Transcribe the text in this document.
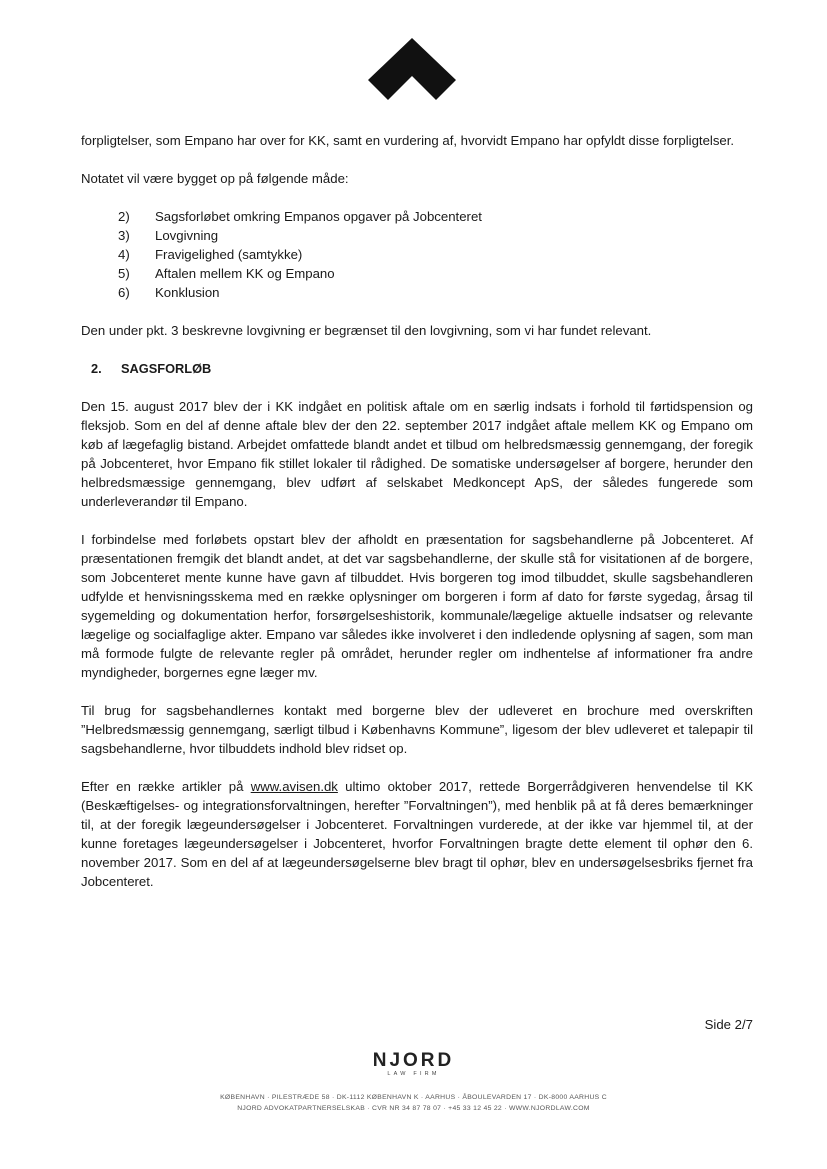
forpligtelser, som Empano har over for KK, samt en vurdering af, hvorvidt Empano har opfyldt disse forpligtelser.

Notatet vil være bygget op på følgende måde:

2)	Sagsforløbet omkring Empanos opgaver på Jobcenteret
3)	Lovgivning
4)	Fravigelighed (samtykke)
5)	Aftalen mellem KK og Empano
6)	Konklusion

Den under pkt. 3 beskrevne lovgivning er begrænset til den lovgivning, som vi har fundet relevant.

2.	SAGSFORLØB

Den 15. august 2017 blev der i KK indgået en politisk aftale om en særlig indsats i forhold til førtidspension og fleksjob. Som en del af denne aftale blev der den 22. september 2017 indgået aftale mellem KK og Empano om køb af lægefaglig bistand. Arbejdet omfattede blandt andet et tilbud om helbredsmæssig gennemgang, der foregik på Jobcenteret, hvor Empano fik stillet lokaler til rådighed. De somatiske undersøgelser af borgere, herunder den helbredsmæssige gennemgang, blev udført af selskabet Medkoncept ApS, der således fungerede som underleverandør til Empano.

I forbindelse med forløbets opstart blev der afholdt en præsentation for sagsbehandlerne på Jobcenteret. Af præsentationen fremgik det blandt andet, at det var sagsbehandlerne, der skulle stå for visitationen af de borgere, som Jobcenteret mente kunne have gavn af tilbuddet. Hvis borgeren tog imod tilbuddet, skulle sagsbehandleren udfylde et henvisningsskema med en række oplysninger om borgeren i form af dato for første sygedag, årsag til sygemelding og dokumentation herfor, forsørgelseshistorik, kommunale/lægelige aktuelle indsatser og relevante lægelige og socialfaglige akter. Empano var således ikke involveret i den indledende oplysning af sagen, som man må formode fulgte de relevante regler på området, herunder regler om indhentelse af informationer fra andre myndigheder, borgernes egne læger mv.

Til brug for sagsbehandlernes kontakt med borgerne blev der udleveret en brochure med overskriften ”Helbredsmæssig gennemgang, særligt tilbud i Københavns Kommune”, ligesom der blev udleveret et talepapir til sagsbehandlerne, hvor tilbuddets indhold blev ridset op.

Efter en række artikler på www.avisen.dk ultimo oktober 2017, rettede Borgerrådgiveren henvendelse til KK (Beskæftigelses- og integrationsforvaltningen, herefter ”Forvaltningen”), med henblik på at få deres bemærkninger til, at der foregik lægeundersøgelser i Jobcenteret. Forvaltningen vurderede, at der ikke var hjemmel til, at der kunne foretages lægeundersøgelser i Jobcenteret, hvorfor Forvaltningen bragte dette element til ophør den 6. november 2017. Som en del af at lægeundersøgelserne blev bragt til ophør, blev en undersøgelsesbriks fjernet fra Jobcenteret.

Side 2/7
NJORD
LAW FIRM
KØBENHAVN · PILESTRÆDE 58 · DK-1112 KØBENHAVN K · AARHUS · ÅBOULEVARDEN 17 · DK-8000 AARHUS C
NJORD ADVOKATPARTNERSELSKAB · CVR NR 34 87 78 07 · +45 33 12 45 22 · WWW.NJORDLAW.COM
